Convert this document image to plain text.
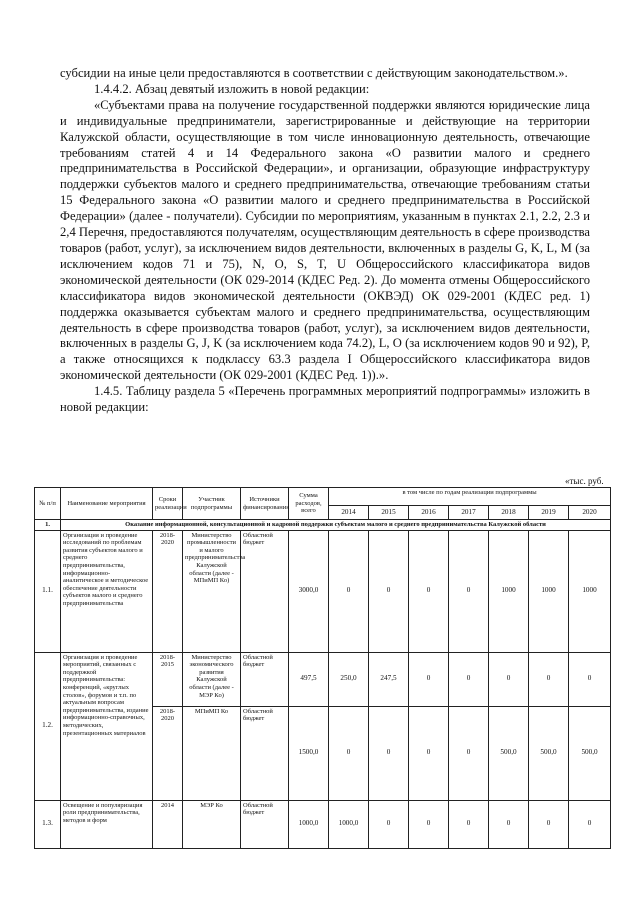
субсидии на иные цели предоставляются в соответствии с действующим законодательством.».

1.4.4.2. Абзац девятый изложить в новой редакции:

«Субъектами права на получение государственной поддержки являются юридические лица и индивидуальные предприниматели, зарегистрированные и действующие на территории Калужской области, осуществляющие в том числе инновационную деятельность, отвечающие требованиям статей 4 и 14 Федерального закона «О развитии малого и среднего предпринимательства в Российской Федерации», и организации, образующие инфраструктуру поддержки субъектов малого и среднего предпринимательства, отвечающие требованиям статьи 15 Федерального закона «О развитии малого и среднего предпринимательства в Российской Федерации» (далее - получатели). Субсидии по мероприятиям, указанным в пунктах 2.1, 2.2, 2.3 и 2,4 Перечня, предоставляются получателям, осуществляющим деятельность в сфере производства товаров (работ, услуг), за исключением видов деятельности, включенных в разделы G, K, L, M (за исключением кодов 71 и 75), N, O, S, T, U Общероссийского классификатора видов экономической деятельности (ОК 029-2014 (КДЕС Ред. 2). До момента отмены Общероссийского классификатора видов экономической деятельности (ОКВЭД) ОК 029-2001 (КДЕС ред. 1) поддержка оказывается субъектам малого и среднего предпринимательства, осуществляющим деятельность в сфере производства товаров (работ, услуг), за исключением видов деятельности, включенных в разделы G, J, K (за исключением кода 74.2), L, O (за исключением кодов 90 и 92), P, а также относящихся к подклассу 63.3 раздела I Общероссийского классификатора видов экономической деятельности (ОК 029-2001 (КДЕС Ред. 1)).».

1.4.5. Таблицу раздела 5 «Перечень программных мероприятий подпрограммы» изложить в новой редакции:

«тыс. руб.
№ п/п	Наименование мероприятия	Сроки реализации	Участник подпрограммы	Источники финансирования	Сумма расходов, всего	в том числе по годам реализации подпрограммы						
						2014	2015	2016	2017	2018	2019	2020
1.	Оказание информационной, консультационной и кадровой поддержки субъектам малого и среднего предпринимательства Калужской области											
1.1.	Организация и проведение исследований по проблемам развития субъектов малого и среднего предпринимательства, информационно-аналитическое и методическое обеспечение деятельности субъектов малого и среднего предпринимательства	2018-2020	Министерство промышленности и малого предпринимательства Калужской области (далее - МПиМП Ко)	Областной бюджет	3000,0	0	0	0	0	1000	1000	1000
1.2.	Организация и проведение мероприятий, связанных с поддержкой предпринимательства: конференций, «круглых столов», форумов и т.п. по актуальным вопросам предпринимательства, издание информационно-справочных, методических, презентационных материалов	2018-2015	Министерство экономического развития Калужской области (далее - МЭР Ко)	Областной бюджет	497,5	250,0	247,5	0	0	0	0	0
		2018-2020	МПиМП Ко	Областной бюджет	1500,0	0	0	0	0	500,0	500,0	500,0
1.3.	Освещение и популяризация роли предпринимательства, методов и форм	2014	МЭР Ко	Областной бюджет	1000,0	1000,0	0	0	0	0	0	0
